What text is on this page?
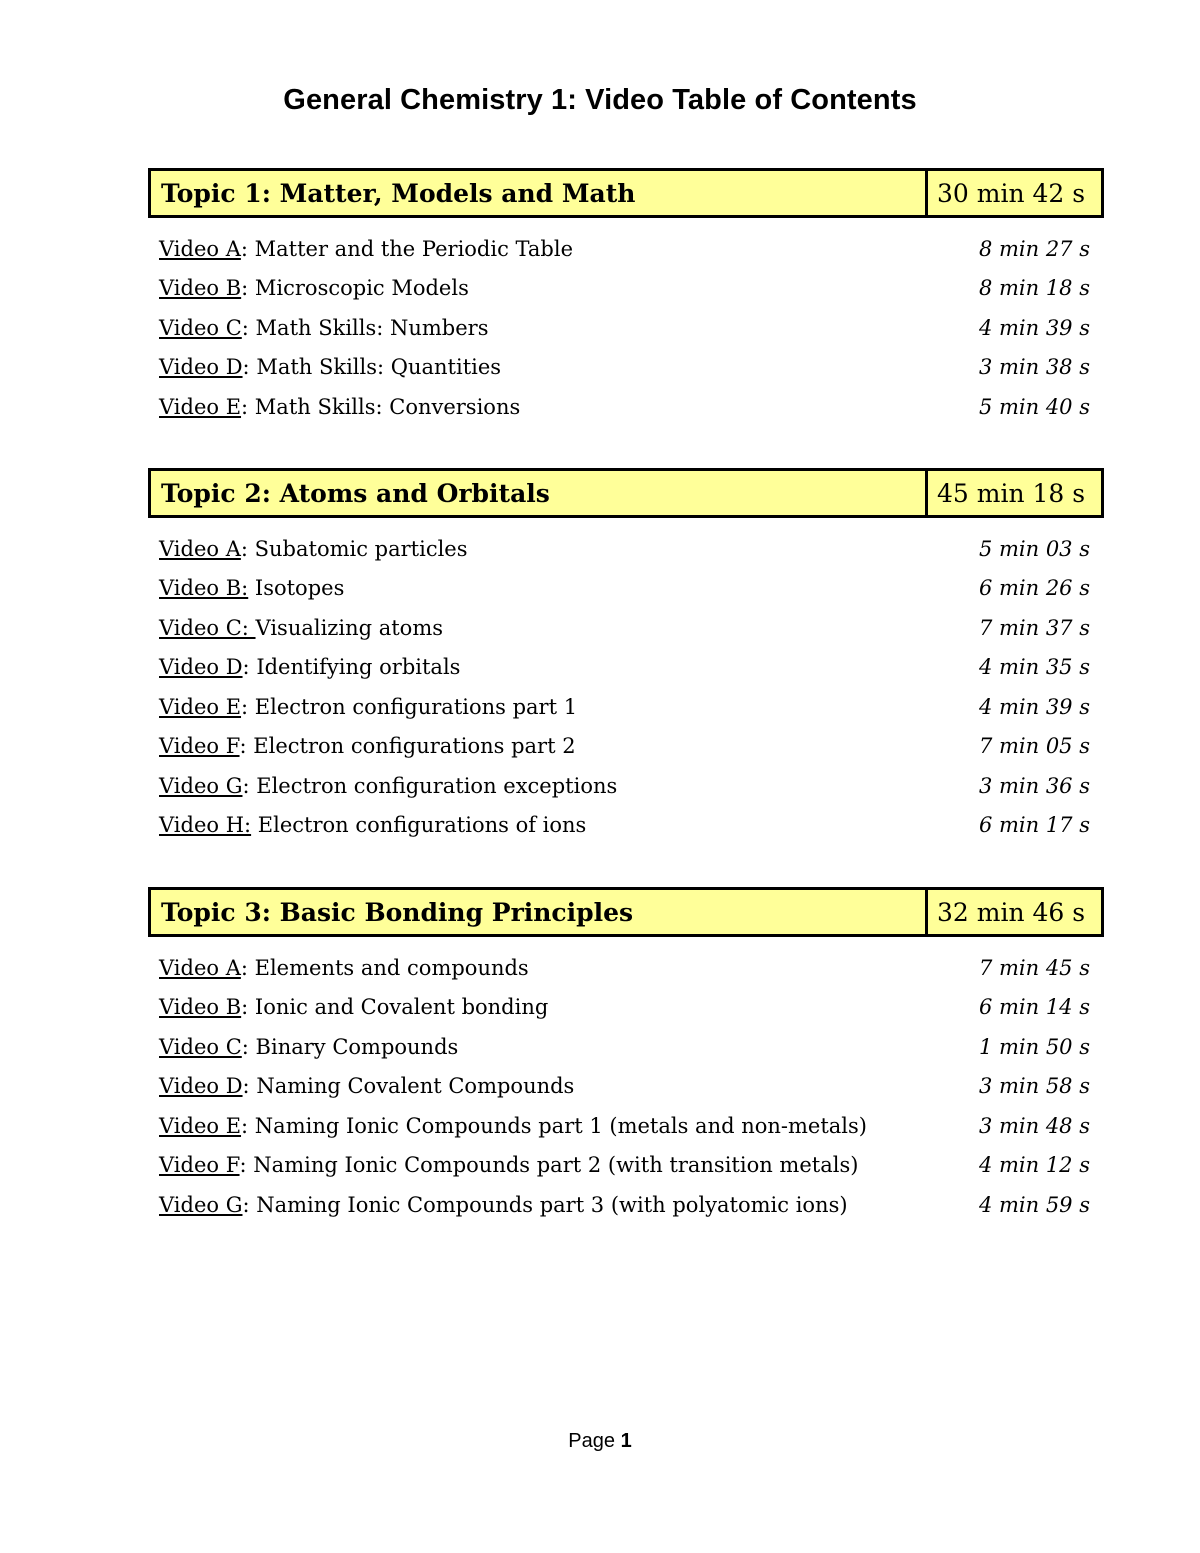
General Chemistry 1: Video Table of Contents
Topic 1: Matter, Models and Math	30 min 42 s
Video A: Matter and the Periodic Table	8 min 27 s
Video B: Microscopic Models	8 min 18 s
Video C: Math Skills: Numbers	4 min 39 s
Video D: Math Skills: Quantities	3 min 38 s
Video E: Math Skills: Conversions	5 min 40 s
Topic 2: Atoms and Orbitals	45 min 18 s
Video A: Subatomic particles	5 min 03 s
Video B: Isotopes	6 min 26 s
Video C: Visualizing atoms	7 min 37 s
Video D: Identifying orbitals	4 min 35 s
Video E: Electron configurations part 1	4 min 39 s
Video F: Electron configurations part 2	7 min 05 s
Video G: Electron configuration exceptions	3 min 36 s
Video H: Electron configurations of ions	6 min 17 s
Topic 3: Basic Bonding Principles	32 min 46 s
Video A: Elements and compounds	7 min 45 s
Video B: Ionic and Covalent bonding	6 min 14 s
Video C: Binary Compounds	1 min 50 s
Video D: Naming Covalent Compounds	3 min 58 s
Video E: Naming Ionic Compounds part 1 (metals and non-metals)	3 min 48 s
Video F: Naming Ionic Compounds part 2 (with transition metals)	4 min 12 s
Video G: Naming Ionic Compounds part 3 (with polyatomic ions)	4 min 59 s
Page 1
